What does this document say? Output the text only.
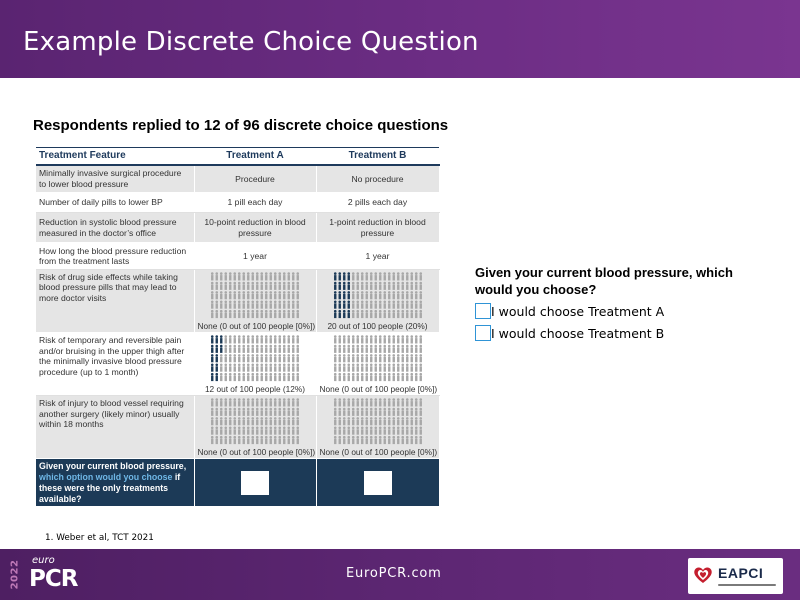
Example Discrete Choice Question
Respondents replied to 12 of 96 discrete choice questions
Treatment Feature	Treatment A	Treatment B
Minimally invasive surgical procedure to lower blood pressure	Procedure	No procedure
Number of daily pills to lower BP	1 pill each day	2 pills each day
Reduction in systolic blood pressure measured in the doctor’s office	10-point reduction in blood pressure	1-point reduction in blood pressure
How long the blood pressure reduction from the treatment lasts	1 year	1 year
Risk of drug side effects while taking blood pressure pills that may lead to more doctor visits	None (0 out of 100 people [0%])	20 out of 100 people (20%)

Risk of temporary and reversible pain and/or bruising in the upper thigh after the minimally invasive blood pressure procedure (up to 1 month)	12 out of 100 people (12%)	None (0 out of 100 people [0%])

Risk of injury to blood vessel requiring another surgery (likely minor) usually within 18 months	None (0 out of 100 people [0%])	None (0 out of 100 people [0%])

Given your current blood pressure, which option would you choose if these were the only treatments available?	

Given your current blood pressure, which would you choose?
I would choose Treatment A
I would choose Treatment B
1. Weber et al, TCT 2021
2022 euro
PCR	EuroPCR.com	EAPCI
